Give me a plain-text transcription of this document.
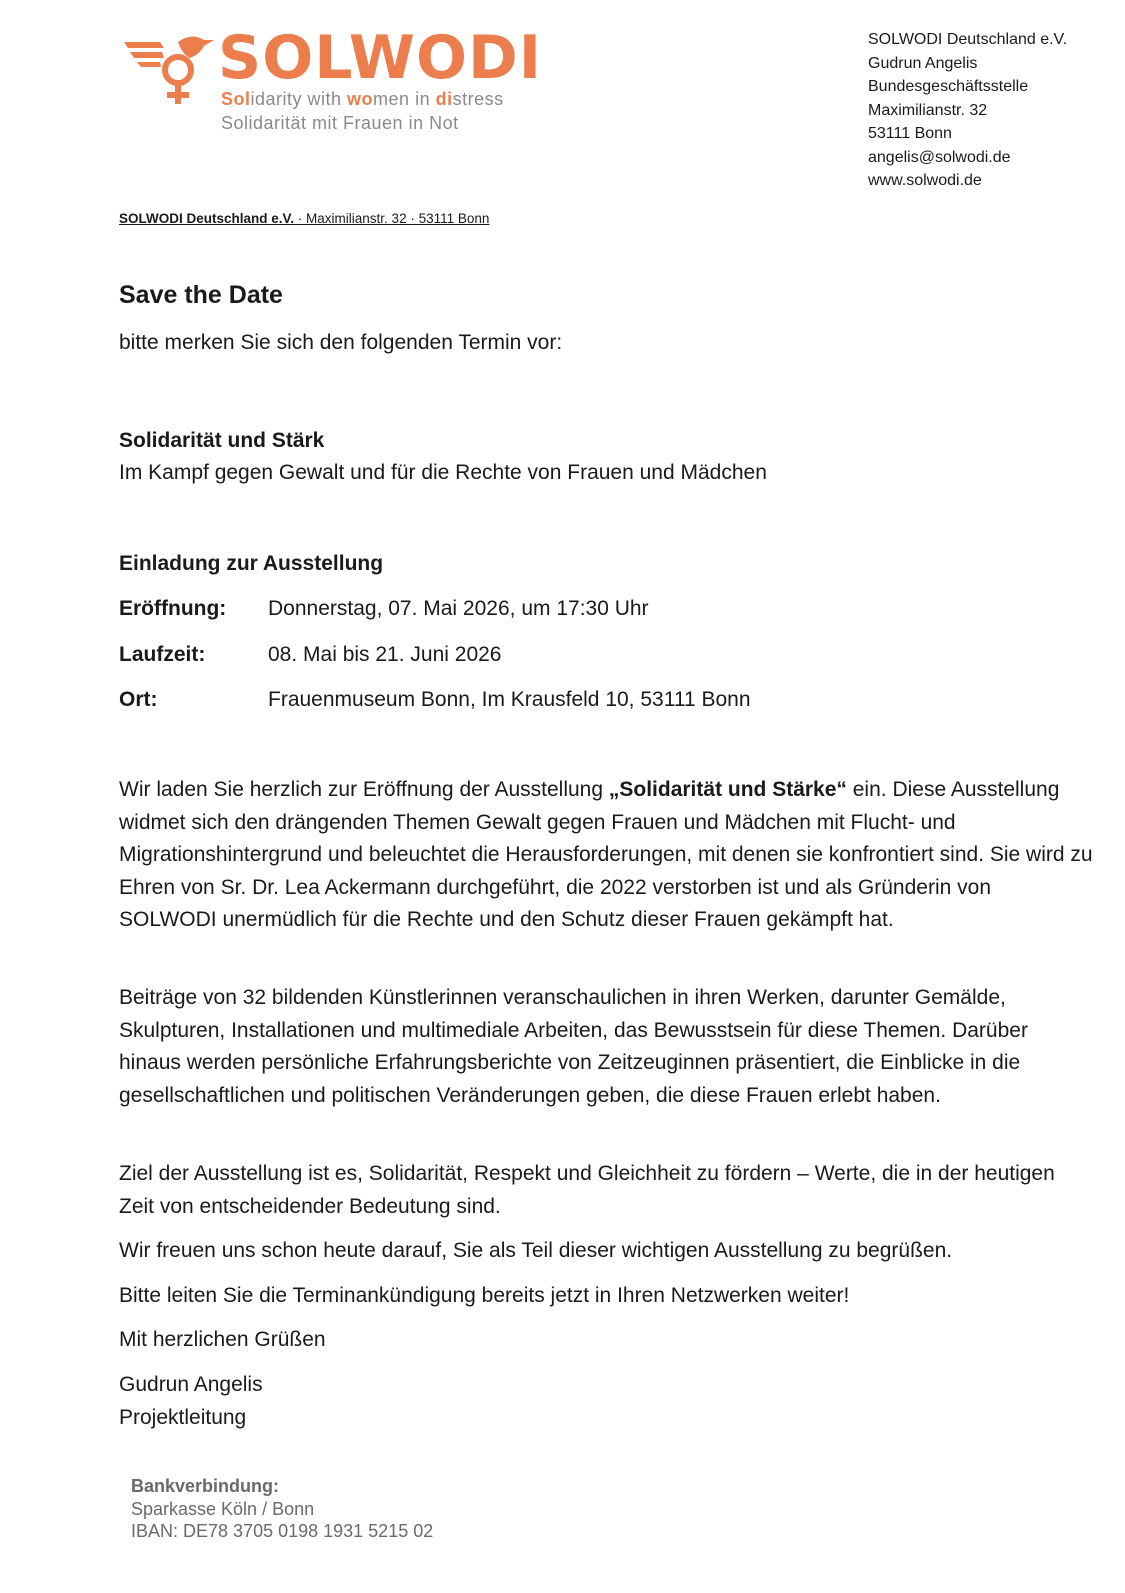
SOLWODI
Solidarity with women in distress
Solidarität mit Frauen in Not
SOLWODI Deutschland e.V.
Gudrun Angelis
Bundesgeschäftsstelle
Maximilianstr. 32
53111 Bonn
angelis@solwodi.de
www.solwodi.de
SOLWODI Deutschland e.V. · Maximilianstr. 32 · 53111 Bonn
Save the Date
bitte merken Sie sich den folgenden Termin vor:
Solidarität und Stärk
Im Kampf gegen Gewalt und für die Rechte von Frauen und Mädchen
Einladung zur Ausstellung
Eröffnung: Donnerstag, 07. Mai 2026, um 17:30 Uhr
Laufzeit:	08. Mai bis 21. Juni 2026
Ort:	Frauenmuseum Bonn, Im Krausfeld 10, 53111 Bonn
Wir laden Sie herzlich zur Eröffnung der Ausstellung „Solidarität und Stärke“ ein. Diese Ausstellung widmet sich den drängenden Themen Gewalt gegen Frauen und Mädchen mit Flucht- und Migrationshintergrund und beleuchtet die Herausforderungen, mit denen sie konfrontiert sind. Sie wird zu Ehren von Sr. Dr. Lea Ackermann durchgeführt, die 2022 verstorben ist und als Gründerin von SOLWODI unermüdlich für die Rechte und den Schutz dieser Frauen gekämpft hat.
Beiträge von 32 bildenden Künstlerinnen veranschaulichen in ihren Werken, darunter Gemälde, Skulpturen, Installationen und multimediale Arbeiten, das Bewusstsein für diese Themen. Darüber hinaus werden persönliche Erfahrungsberichte von Zeitzeuginnen präsentiert, die Einblicke in die gesellschaftlichen und politischen Veränderungen geben, die diese Frauen erlebt haben.
Ziel der Ausstellung ist es, Solidarität, Respekt und Gleichheit zu fördern – Werte, die in der heutigen Zeit von entscheidender Bedeutung sind.
Wir freuen uns schon heute darauf, Sie als Teil dieser wichtigen Ausstellung zu begrüßen.
Bitte leiten Sie die Terminankündigung bereits jetzt in Ihren Netzwerken weiter!
Mit herzlichen Grüßen
Gudrun Angelis
Projektleitung
Bankverbindung:
Sparkasse Köln / Bonn
IBAN: DE78 3705 0198 1931 5215 02
